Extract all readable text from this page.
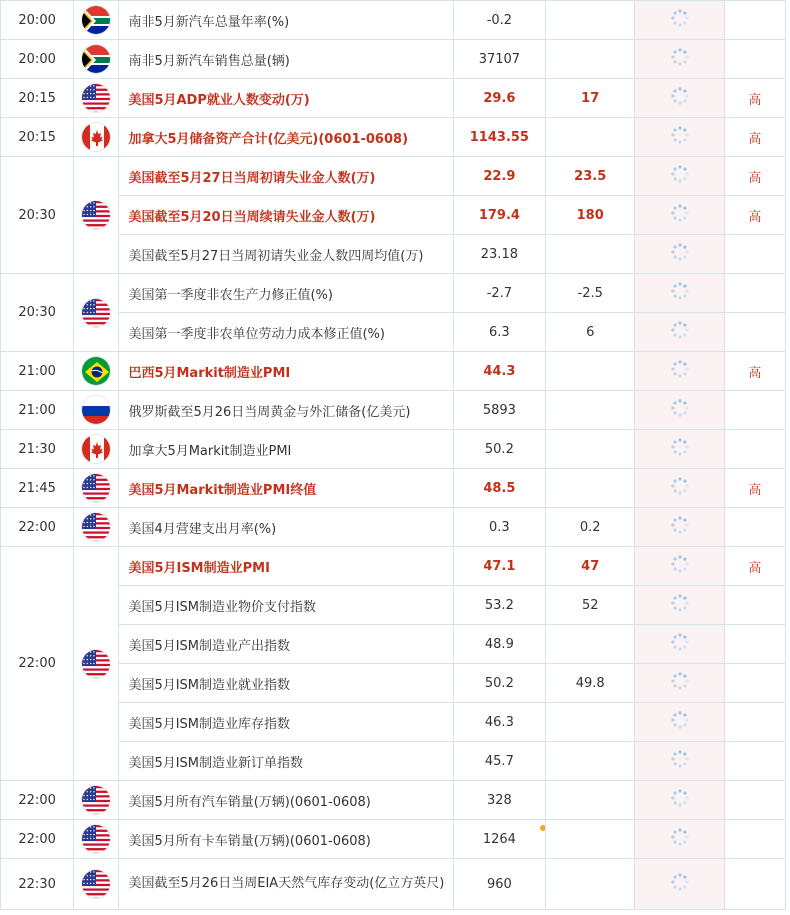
20:00		南非5月新汽车总量年率(%)	-0.2			
20:00		南非5月新汽车销售总量(辆)	37107			
20:15		美国5月ADP就业人数变动(万)	29.6	17		高
20:15		加拿大5月储备资产合计(亿美元)(0601-0608)	1143.55			高
20:30		美国截至5月27日当周初请失业金人数(万)	22.9	23.5		高
		美国截至5月20日当周续请失业金人数(万)	179.4	180		高
		美国截至5月27日当周初请失业金人数四周均值(万)	23.18			
20:30		美国第一季度非农生产力修正值(%)	-2.7	-2.5		
		美国第一季度非农单位劳动力成本修正值(%)	6.3	6		
21:00		巴西5月Markit制造业PMI	44.3			高
21:00		俄罗斯截至5月26日当周黄金与外汇储备(亿美元)	5893			
21:30		加拿大5月Markit制造业PMI	50.2			
21:45		美国5月Markit制造业PMI终值	48.5			高
22:00		美国4月营建支出月率(%)	0.3	0.2		
22:00		美国5月ISM制造业PMI	47.1	47		高
		美国5月ISM制造业物价支付指数	53.2	52		
		美国5月ISM制造业产出指数	48.9			
		美国5月ISM制造业就业指数	50.2	49.8		
		美国5月ISM制造业库存指数	46.3			
		美国5月ISM制造业新订单指数	45.7			
22:00		美国5月所有汽车销量(万辆)(0601-0608)	328			
22:00		美国5月所有卡车销量(万辆)(0601-0608)	1264

22:30		美国截至5月26日当周EIA天然气库存变动(亿立方英尺)	960			
